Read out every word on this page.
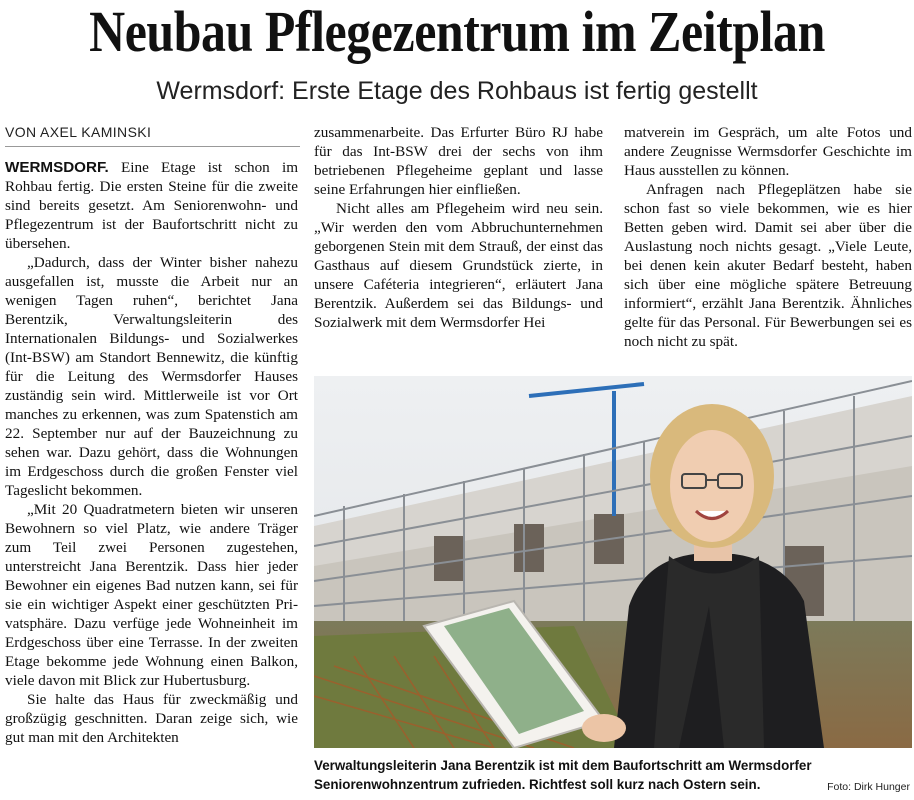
Neubau Pflegezentrum im Zeitplan
Wermsdorf: Erste Etage des Rohbaus ist fertig gestellt
VON AXEL KAMINSKI

WERMSDORF. Eine Etage ist schon im Rohbau fertig. Die ersten Steine für die zweite sind bereits gesetzt. Am Seniorenwohn- und Pflegezentrum ist der Baufortschritt nicht zu übersehen.

„Dadurch, dass der Winter bisher nahezu ausgefallen ist, musste die Arbeit nur an wenigen Tagen ruhen“, berichtet Jana Berentzik, Verwaltungsleiterin des Internationalen Bildungs- und Sozialwerkes (Int-BSW) am Standort Bennewitz, die künftig für die Leitung des Wermsdorfer Hauses zuständig sein wird. Mittlerweile ist vor Ort manches zu erkennen, was zum Spatenstich am 22. September nur auf der Bauzeichnung zu sehen war. Dazu gehört, dass die Wohnungen im Erdgeschoss durch die großen Fenster viel Tageslicht bekommen.

„Mit 20 Quadratmetern bieten wir unseren Bewohnern so viel Platz, wie andere Träger zum Teil zwei Personen zugestehen, unterstreicht Jana Berentzik. Dass hier jeder Bewohner ein eigenes Bad nutzen kann, sei für sie ein wichtiger Aspekt einer geschützten Privatsphäre. Dazu verfüge jede Wohneinheit im Erdgeschoss über eine Terrasse. In der zweiten Etage bekomme jede Wohnung einen Balkon, viele davon mit Blick zur Hubertusburg.

Sie halte das Haus für zweckmäßig und großzügig geschnitten. Daran zeige sich, wie gut man mit den Architekten

zusammenarbeite. Das Erfurter Büro RJ habe für das Int-BSW drei der sechs von ihm betriebenen Pflegeheime geplant und lasse seine Erfahrungen hier einfließen.

Nicht alles am Pflegeheim wird neu sein. „Wir werden den vom Abbruchunternehmen geborgenen Stein mit dem Strauß, der einst das Gasthaus auf diesem Grundstück zierte, in unsere Caféteria integrieren“, erläutert Jana Berentzik. Außerdem sei das Bildungs- und Sozialwerk mit dem Wermsdorfer Hei

matverein im Gespräch, um alte Fotos und andere Zeugnisse Wermsdorfer Geschichte im Haus ausstellen zu können.

Anfragen nach Pflegeplätzen habe sie schon fast so viele bekommen, wie es hier Betten geben wird. Damit sei aber über die Auslastung noch nichts gesagt. „Viele Leute, bei denen kein akuter Bedarf besteht, haben sich über eine mögliche spätere Betreuung informiert“, erzählt Jana Berentzik. Ähnliches gelte für das Personal. Für Bewerbungen sei es noch nicht zu spät.

Verwaltungsleiterin Jana Berentzik ist mit dem Baufortschritt am Wermsdorfer Seniorenwohnzentrum zufrieden. Richtfest soll kurz nach Ostern sein.	Foto: Dirk Hunger
